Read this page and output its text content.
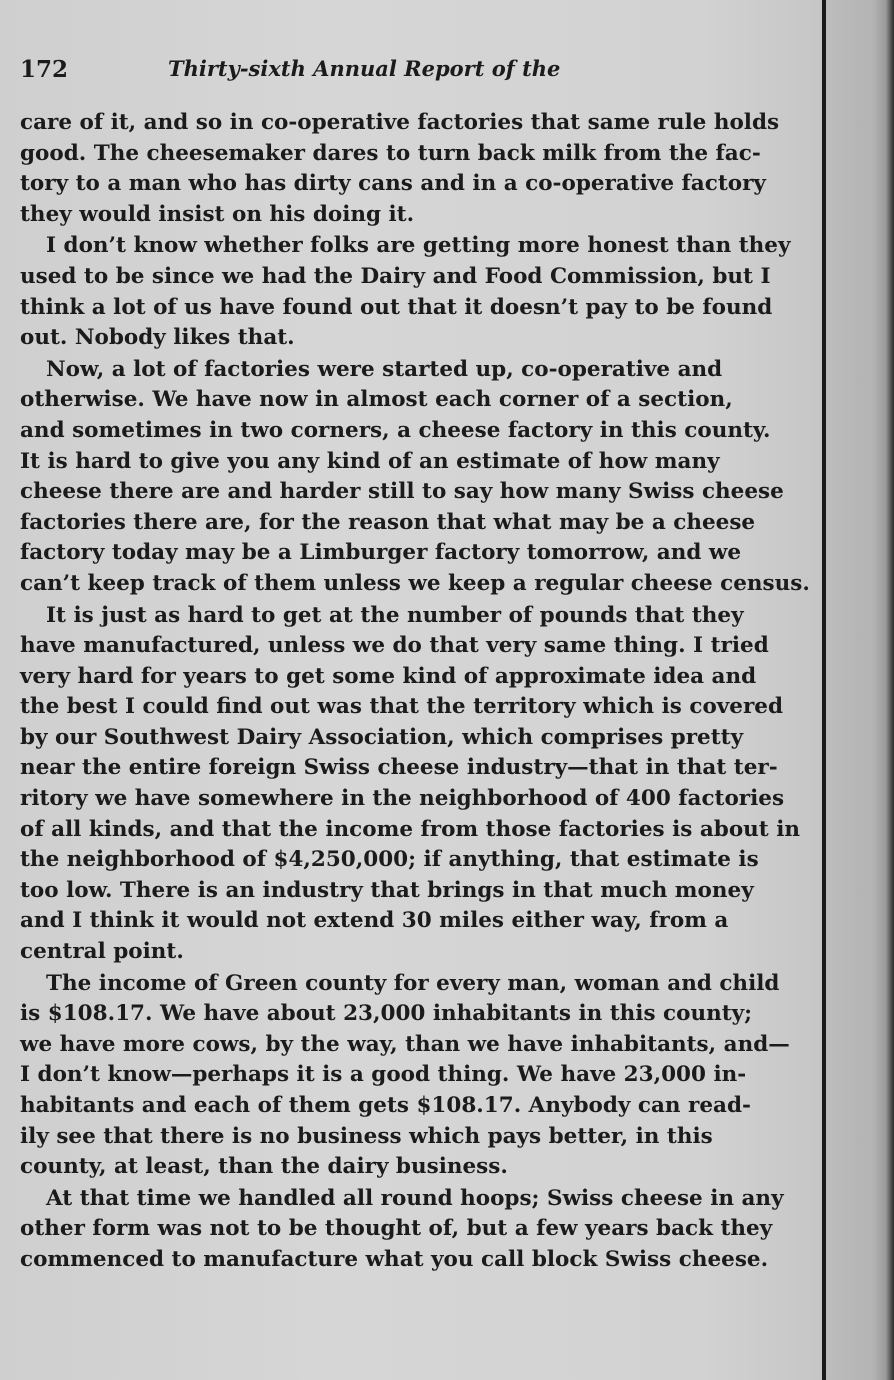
172	Thirty-sixth Annual Report of the
care of it, and so in co-operative factories that same rule holds
good. The cheesemaker dares to turn back milk from the fac-
tory to a man who has dirty cans and in a co-operative factory
they would insist on his doing it.
I don’t know whether folks are getting more honest than they
used to be since we had the Dairy and Food Commission, but I
think a lot of us have found out that it doesn’t pay to be found
out. Nobody likes that.
Now, a lot of factories were started up, co-operative and
otherwise. We have now in almost each corner of a section,
and sometimes in two corners, a cheese factory in this county.
It is hard to give you any kind of an estimate of how many
cheese there are and harder still to say how many Swiss cheese
factories there are, for the reason that what may be a cheese
factory today may be a Limburger factory tomorrow, and we
can’t keep track of them unless we keep a regular cheese census.
It is just as hard to get at the number of pounds that they
have manufactured, unless we do that very same thing. I tried
very hard for years to get some kind of approximate idea and
the best I could find out was that the territory which is covered
by our Southwest Dairy Association, which comprises pretty
near the entire foreign Swiss cheese industry—that in that ter-
ritory we have somewhere in the neighborhood of 400 factories
of all kinds, and that the income from those factories is about in
the neighborhood of $4,250,000; if anything, that estimate is
too low. There is an industry that brings in that much money
and I think it would not extend 30 miles either way, from a
central point.
The income of Green county for every man, woman and child
is $108.17. We have about 23,000 inhabitants in this county;
we have more cows, by the way, than we have inhabitants, and—
I don’t know—perhaps it is a good thing. We have 23,000 in-
habitants and each of them gets $108.17. Anybody can read-
ily see that there is no business which pays better, in this
county, at least, than the dairy business.
At that time we handled all round hoops; Swiss cheese in any
other form was not to be thought of, but a few years back they
commenced to manufacture what you call block Swiss cheese.
